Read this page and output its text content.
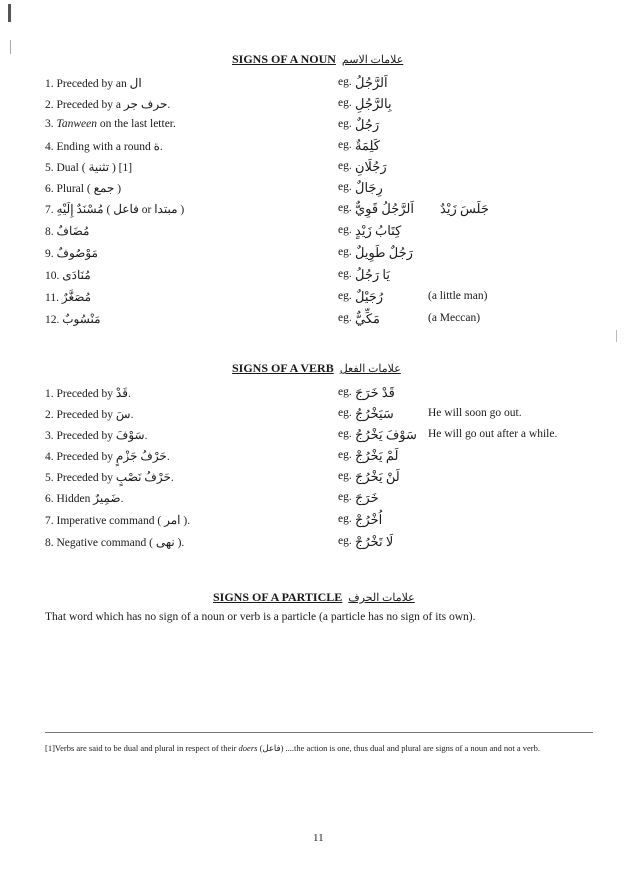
SIGNS OF A NOUN علامات الاسم
1. Preceded by an ال	eg. اَلرَّجُلُ
2. Preceded by a حرف جر.	eg. بِالرَّجُلِ
3. Tanween on the last letter.	eg. رَجُلٌ
4. Ending with a round ة.	eg. كَلِمَةٌ
5. Dual ( تثنية ) [1]	eg. رَجُلَانِ
6. Plural ( جمع )	eg. رِجَالٌ
7. مُسْنَدٌ إِلَيْهِ ( فاعل or مبتدا )	eg. اَلرَّجُلُ قَوِيٌّ جَلَسَ زَيْدٌ
8. مُضَافٌ	eg. كِتَابُ زَيْدٍ
9. مَوْصُوفٌ	eg. رَجُلٌ طَوِيلٌ
10. مُنَادَى	eg. يَا رَجُلُ
11. مُصَغَّرٌ	eg. رُجَيْلٌ	(a little man)
12. مَنْسُوبٌ	eg. مَكِّيٌّ	(a Meccan)
SIGNS OF A VERB علامات الفعل
1. Preceded by قَدْ.	eg. قَدْ خَرَجَ
2. Preceded by سَ.	eg. سَيَخْرُجُ	He will soon go out.
3. Preceded by سَوْفَ.	eg. سَوْفَ يَخْرُجُ He will go out after a while.
4. Preceded by حَرْفُ جَزْمٍ.	eg. لَمْ يَخْرُجْ
5. Preceded by حَرْفُ نَصْبٍ.	eg. لَنْ يَخْرُجَ
6. Hidden ضَمِيرٌ.	eg. خَرَجَ
7. Imperative command ( امر ).	eg. اُخْرُجْ
8. Negative command ( نهى ).	eg. لَا تَخْرُجْ
SIGNS OF A PARTICLE علامات الحرف
That word which has no sign of a noun or verb is a particle (a particle has no sign of its own).
[1]Verbs are said to be dual and plural in respect of their doers (فاعل) ....the action is one, thus dual and plural are signs of a noun and not a verb.
11
